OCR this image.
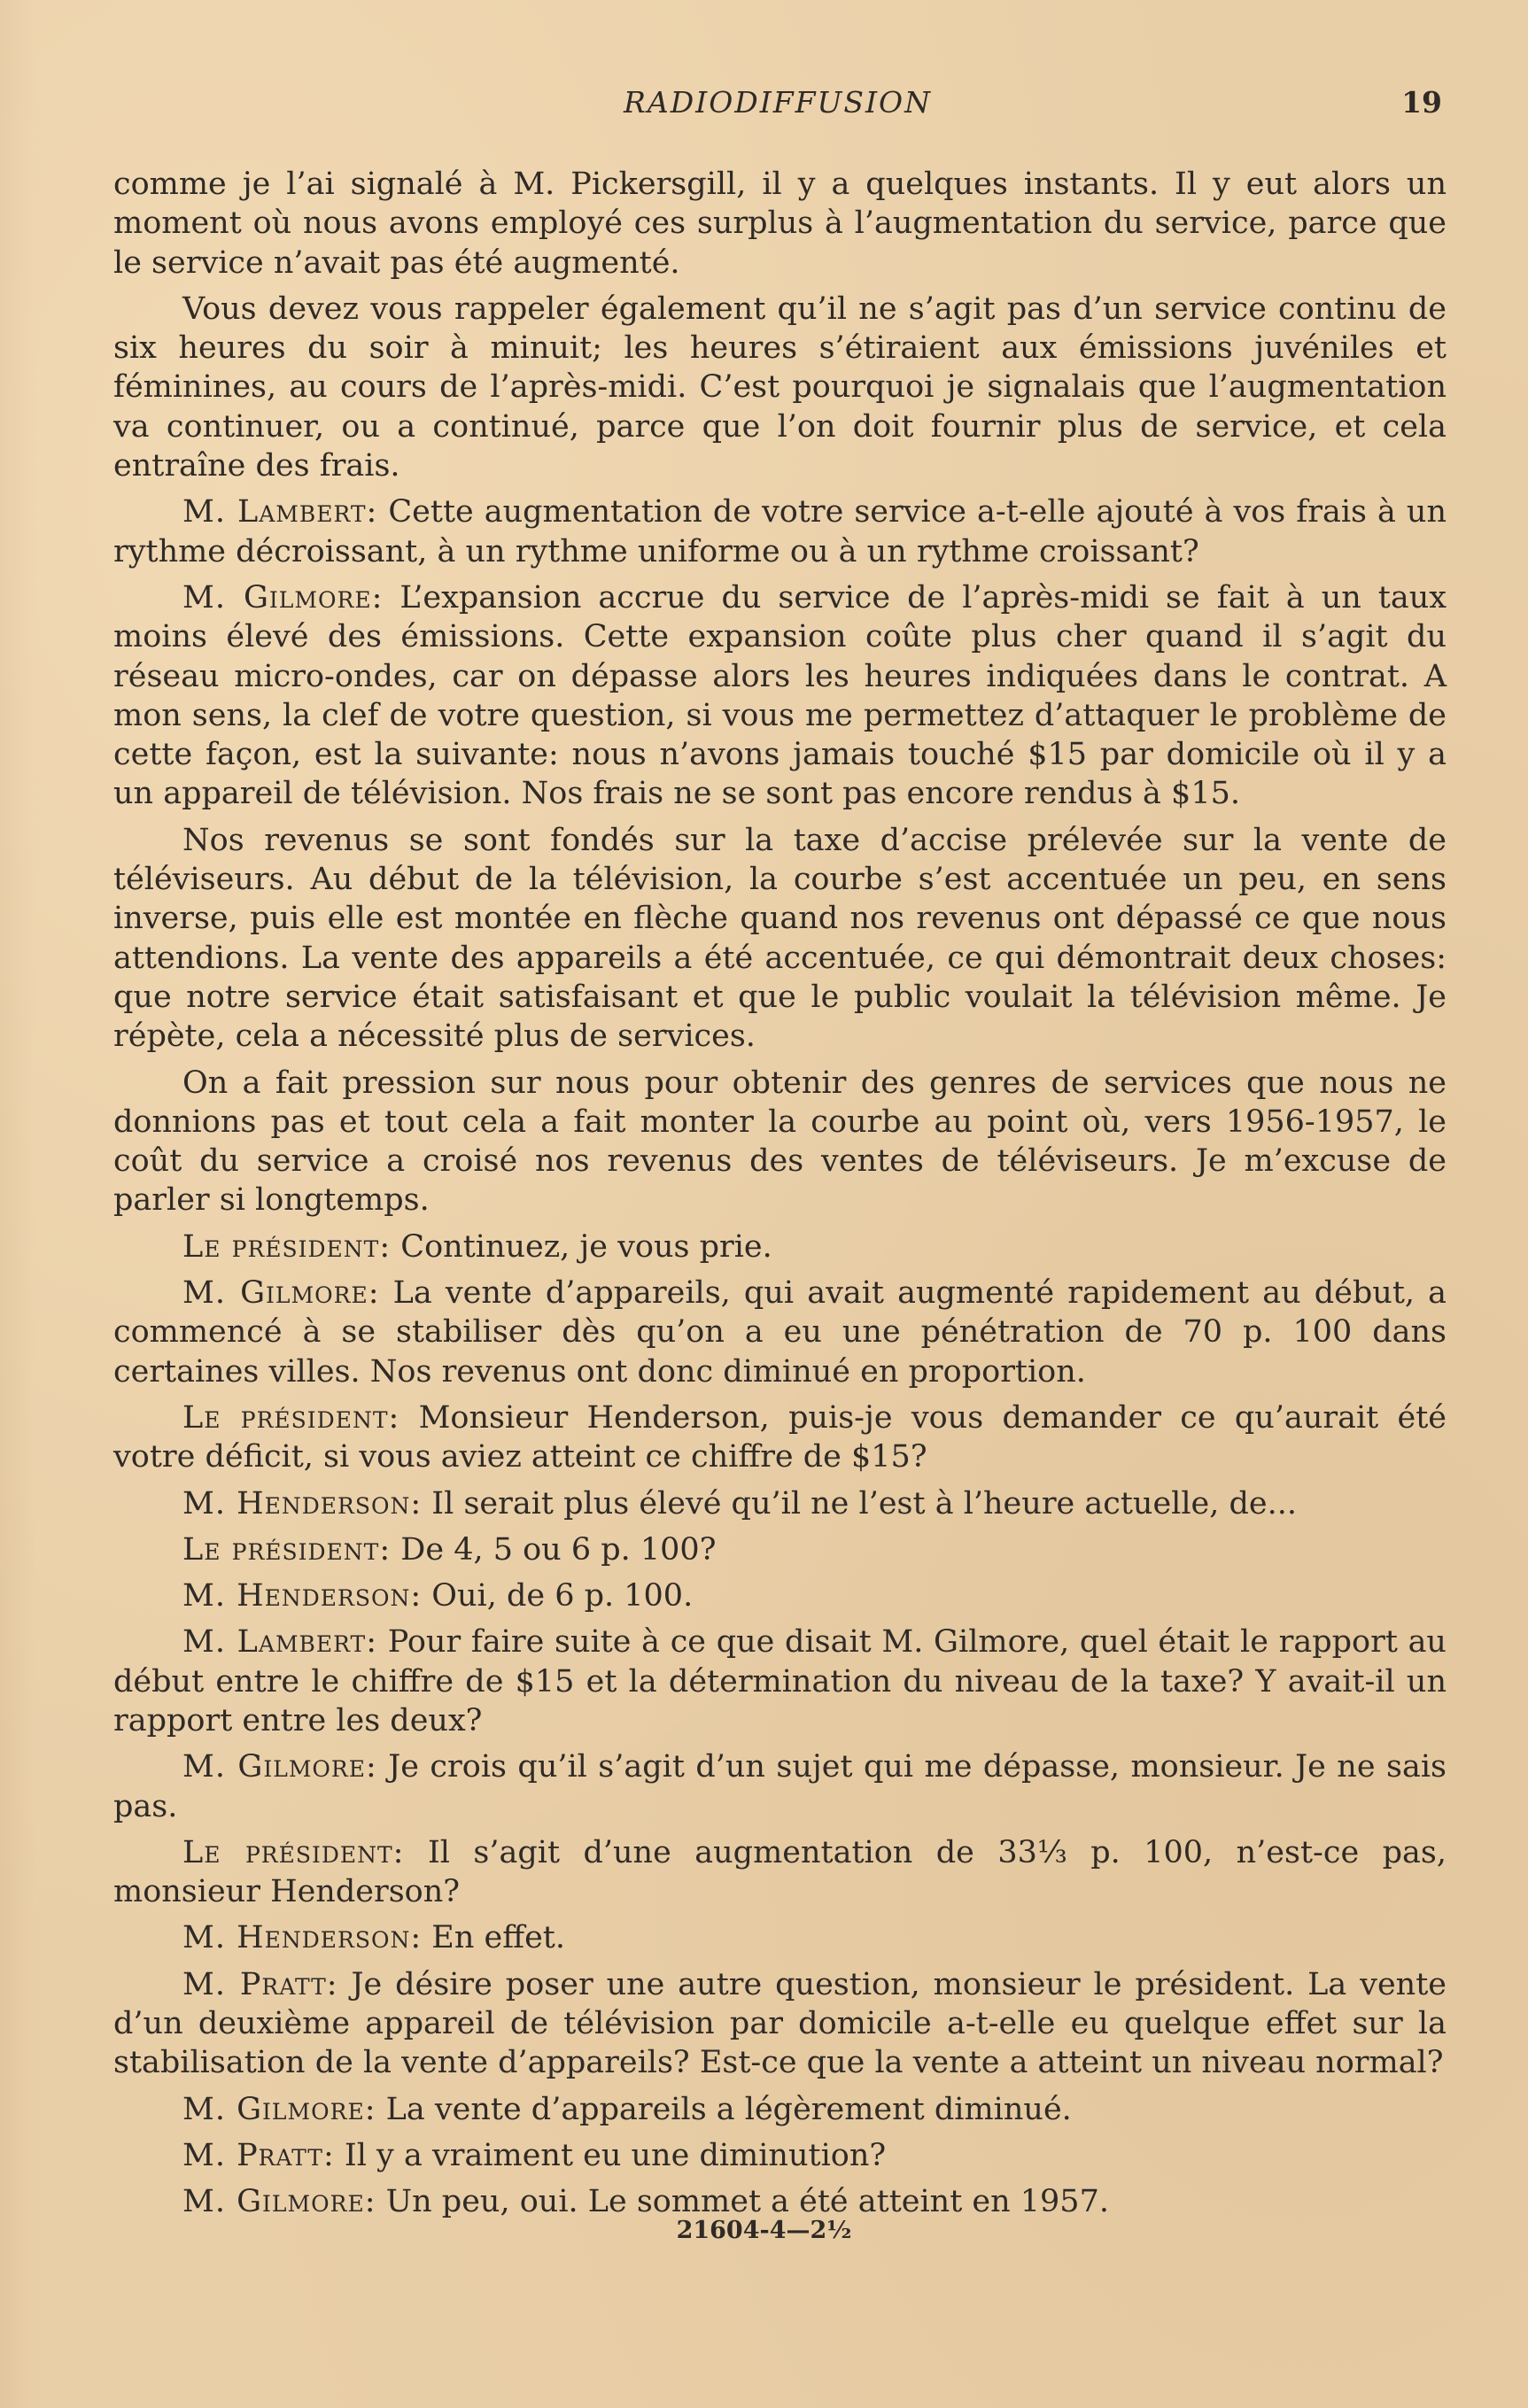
RADIODIFFUSION	19

comme je l’ai signalé à M. Pickersgill, il y a quelques instants. Il y eut alors un moment où nous avons employé ces surplus à l’augmentation du service, parce que le service n’avait pas été augmenté.

Vous devez vous rappeler également qu’il ne s’agit pas d’un service continu de six heures du soir à minuit; les heures s’étiraient aux émissions juvéniles et féminines, au cours de l’après-midi. C’est pourquoi je signalais que l’augmentation va continuer, ou a continué, parce que l’on doit fournir plus de service, et cela entraîne des frais.

M. Lambert: Cette augmentation de votre service a-t-elle ajouté à vos frais à un rythme décroissant, à un rythme uniforme ou à un rythme croissant?

M. Gilmore: L’expansion accrue du service de l’après-midi se fait à un taux moins élevé des émissions. Cette expansion coûte plus cher quand il s’agit du réseau micro-ondes, car on dépasse alors les heures indiquées dans le contrat. A mon sens, la clef de votre question, si vous me permettez d’attaquer le problème de cette façon, est la suivante: nous n’avons jamais touché $15 par domicile où il y a un appareil de télévision. Nos frais ne se sont pas encore rendus à $15.

Nos revenus se sont fondés sur la taxe d’accise prélevée sur la vente de téléviseurs. Au début de la télévision, la courbe s’est accentuée un peu, en sens inverse, puis elle est montée en flèche quand nos revenus ont dépassé ce que nous attendions. La vente des appareils a été accentuée, ce qui démontrait deux choses: que notre service était satisfaisant et que le public voulait la télévision même. Je répète, cela a nécessité plus de services.

On a fait pression sur nous pour obtenir des genres de services que nous ne donnions pas et tout cela a fait monter la courbe au point où, vers 1956-1957, le coût du service a croisé nos revenus des ventes de téléviseurs. Je m’excuse de parler si longtemps.

Le président: Continuez, je vous prie.

M. Gilmore: La vente d’appareils, qui avait augmenté rapidement au début, a commencé à se stabiliser dès qu’on a eu une pénétration de 70 p. 100 dans certaines villes. Nos revenus ont donc diminué en proportion.

Le président: Monsieur Henderson, puis-je vous demander ce qu’aurait été votre déficit, si vous aviez atteint ce chiffre de $15?

M. Henderson: Il serait plus élevé qu’il ne l’est à l’heure actuelle, de...

Le président: De 4, 5 ou 6 p. 100?

M. Henderson: Oui, de 6 p. 100.

M. Lambert: Pour faire suite à ce que disait M. Gilmore, quel était le rapport au début entre le chiffre de $15 et la détermination du niveau de la taxe? Y avait-il un rapport entre les deux?

M. Gilmore: Je crois qu’il s’agit d’un sujet qui me dépasse, monsieur. Je ne sais pas.

Le président: Il s’agit d’une augmentation de 33⅓ p. 100, n’est-ce pas, monsieur Henderson?

M. Henderson: En effet.

M. Pratt: Je désire poser une autre question, monsieur le président. La vente d’un deuxième appareil de télévision par domicile a-t-elle eu quelque effet sur la stabilisation de la vente d’appareils? Est-ce que la vente a atteint un niveau normal?

M. Gilmore: La vente d’appareils a légèrement diminué.

M. Pratt: Il y a vraiment eu une diminution?

M. Gilmore: Un peu, oui. Le sommet a été atteint en 1957.

21604-4—2½
